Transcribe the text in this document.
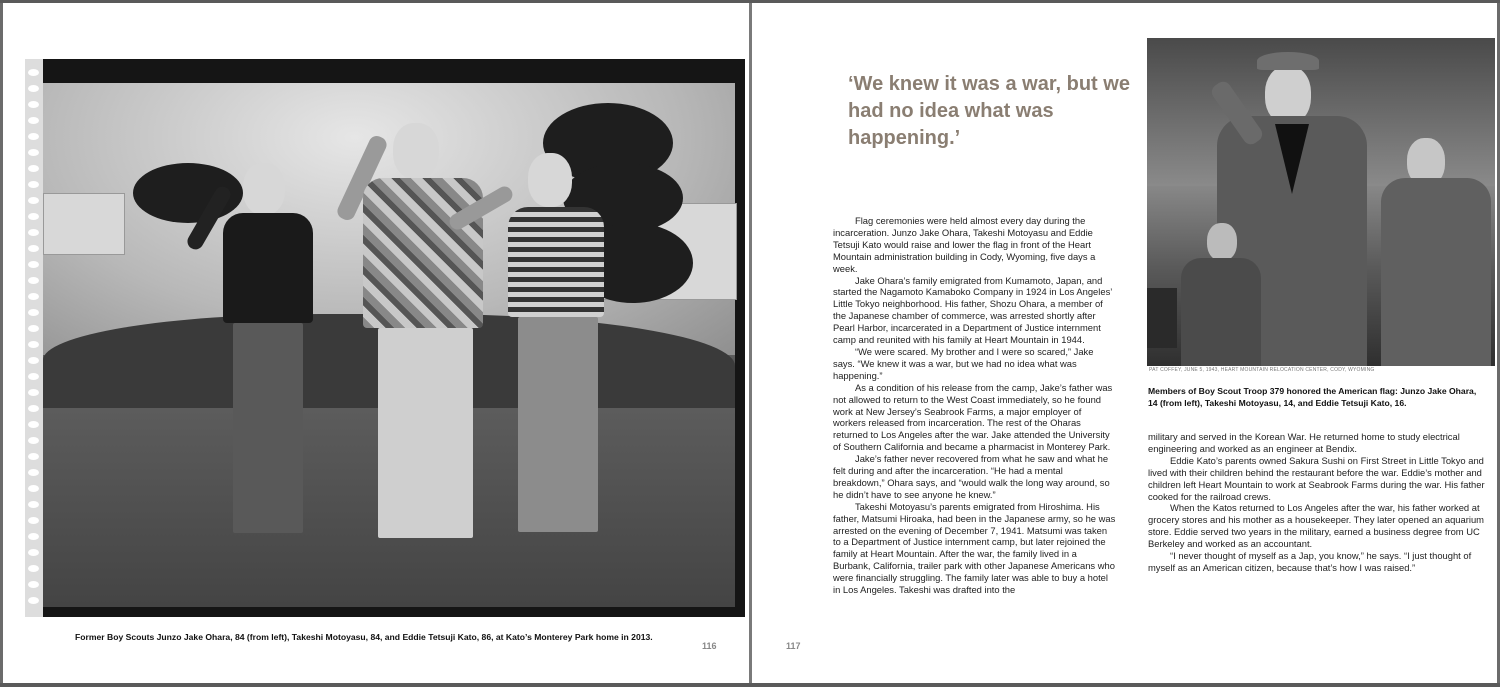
Former Boy Scouts Junzo Jake Ohara, 84 (from left), Takeshi Motoyasu, 84, and Eddie Tetsuji Kato, 86, at Kato’s Monterey Park home in 2013.
116
‘We knew it was a war, but we had no idea what was happening.’

Flag ceremonies were held almost every day during the incarceration. Junzo Jake Ohara, Takeshi Motoyasu and Eddie Tetsuji Kato would raise and lower the flag in front of the Heart Mountain administration building in Cody, Wyoming, five days a week.

Jake Ohara’s family emigrated from Kumamoto, Japan, and started the Nagamoto Kamaboko Company in 1924 in Los Angeles’ Little Tokyo neighborhood. His father, Shozu Ohara, a member of the Japanese chamber of commerce, was arrested shortly after Pearl Harbor, incarcerated in a Department of Justice internment camp and reunited with his family at Heart Mountain in 1944.

“We were scared. My brother and I were so scared,” Jake says. “We knew it was a war, but we had no idea what was happening.”

As a condition of his release from the camp, Jake’s father was not allowed to return to the West Coast immediately, so he found work at New Jersey’s Seabrook Farms, a major employer of workers released from incarceration. The rest of the Oharas returned to Los Angeles after the war. Jake attended the University of Southern California and became a pharmacist in Monterey Park.

Jake’s father never recovered from what he saw and what he felt during and after the incarceration. “He had a mental breakdown,” Ohara says, and “would walk the long way around, so he didn’t have to see anyone he knew.”

Takeshi Motoyasu’s parents emigrated from Hiroshima. His father, Matsumi Hiroaka, had been in the Japanese army, so he was arrested on the evening of December 7, 1941. Matsumi was taken to a Department of Justice internment camp, but later rejoined the family at Heart Mountain. After the war, the family lived in a Burbank, California, trailer park with other Japanese Americans who were financially struggling. The family later was able to buy a hotel in Los Angeles. Takeshi was drafted into the

PAT COFFEY, JUNE 5, 1943, HEART MOUNTAIN RELOCATION CENTER, CODY, WYOMING
Members of Boy Scout Troop 379 honored the American flag: Junzo Jake Ohara, 14 (from left), Takeshi Motoyasu, 14, and Eddie Tetsuji Kato, 16.

military and served in the Korean War. He returned home to study electrical engineering and worked as an engineer at Bendix.

Eddie Kato’s parents owned Sakura Sushi on First Street in Little Tokyo and lived with their children behind the restaurant before the war. Eddie’s mother and children left Heart Mountain to work at Seabrook Farms during the war. His father cooked for the railroad crews.

When the Katos returned to Los Angeles after the war, his father worked at grocery stores and his mother as a housekeeper. They later opened an aquarium store. Eddie served two years in the military, earned a business degree from UC Berkeley and worked as an accountant.

“I never thought of myself as a Jap, you know,” he says. “I just thought of myself as an American citizen, because that’s how I was raised.”

117
